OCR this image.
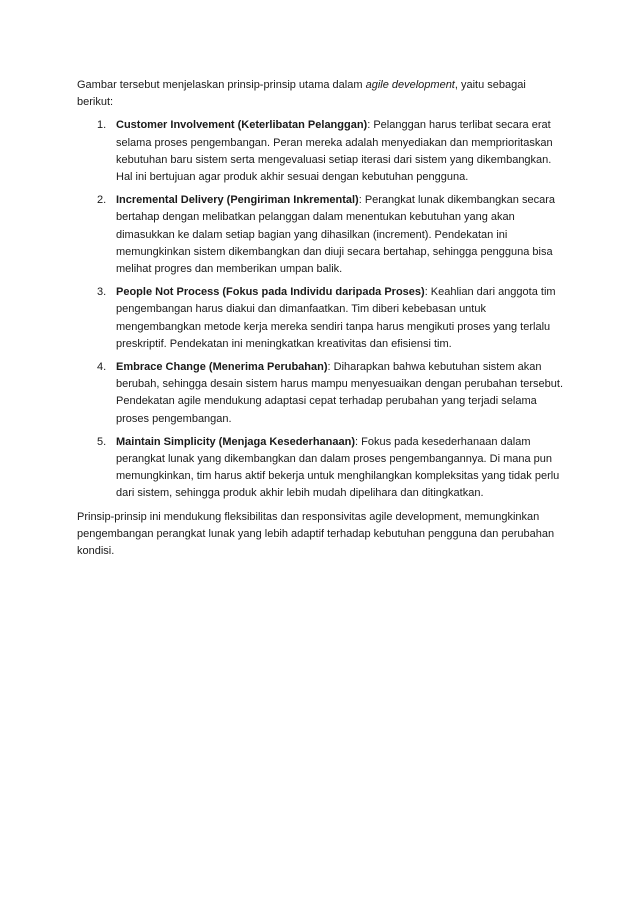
Gambar tersebut menjelaskan prinsip-prinsip utama dalam agile development, yaitu sebagai berikut:

1. Customer Involvement (Keterlibatan Pelanggan): Pelanggan harus terlibat secara erat selama proses pengembangan. Peran mereka adalah menyediakan dan memprioritaskan kebutuhan baru sistem serta mengevaluasi setiap iterasi dari sistem yang dikembangkan. Hal ini bertujuan agar produk akhir sesuai dengan kebutuhan pengguna.
2. Incremental Delivery (Pengiriman Inkremental): Perangkat lunak dikembangkan secara bertahap dengan melibatkan pelanggan dalam menentukan kebutuhan yang akan dimasukkan ke dalam setiap bagian yang dihasilkan (increment). Pendekatan ini memungkinkan sistem dikembangkan dan diuji secara bertahap, sehingga pengguna bisa melihat progres dan memberikan umpan balik.
3. People Not Process (Fokus pada Individu daripada Proses): Keahlian dari anggota tim pengembangan harus diakui dan dimanfaatkan. Tim diberi kebebasan untuk mengembangkan metode kerja mereka sendiri tanpa harus mengikuti proses yang terlalu preskriptif. Pendekatan ini meningkatkan kreativitas dan efisiensi tim.
4. Embrace Change (Menerima Perubahan): Diharapkan bahwa kebutuhan sistem akan berubah, sehingga desain sistem harus mampu menyesuaikan dengan perubahan tersebut. Pendekatan agile mendukung adaptasi cepat terhadap perubahan yang terjadi selama proses pengembangan.
5. Maintain Simplicity (Menjaga Kesederhanaan): Fokus pada kesederhanaan dalam perangkat lunak yang dikembangkan dan dalam proses pengembangannya. Di mana pun memungkinkan, tim harus aktif bekerja untuk menghilangkan kompleksitas yang tidak perlu dari sistem, sehingga produk akhir lebih mudah dipelihara dan ditingkatkan.

Prinsip-prinsip ini mendukung fleksibilitas dan responsivitas agile development, memungkinkan pengembangan perangkat lunak yang lebih adaptif terhadap kebutuhan pengguna dan perubahan kondisi.
